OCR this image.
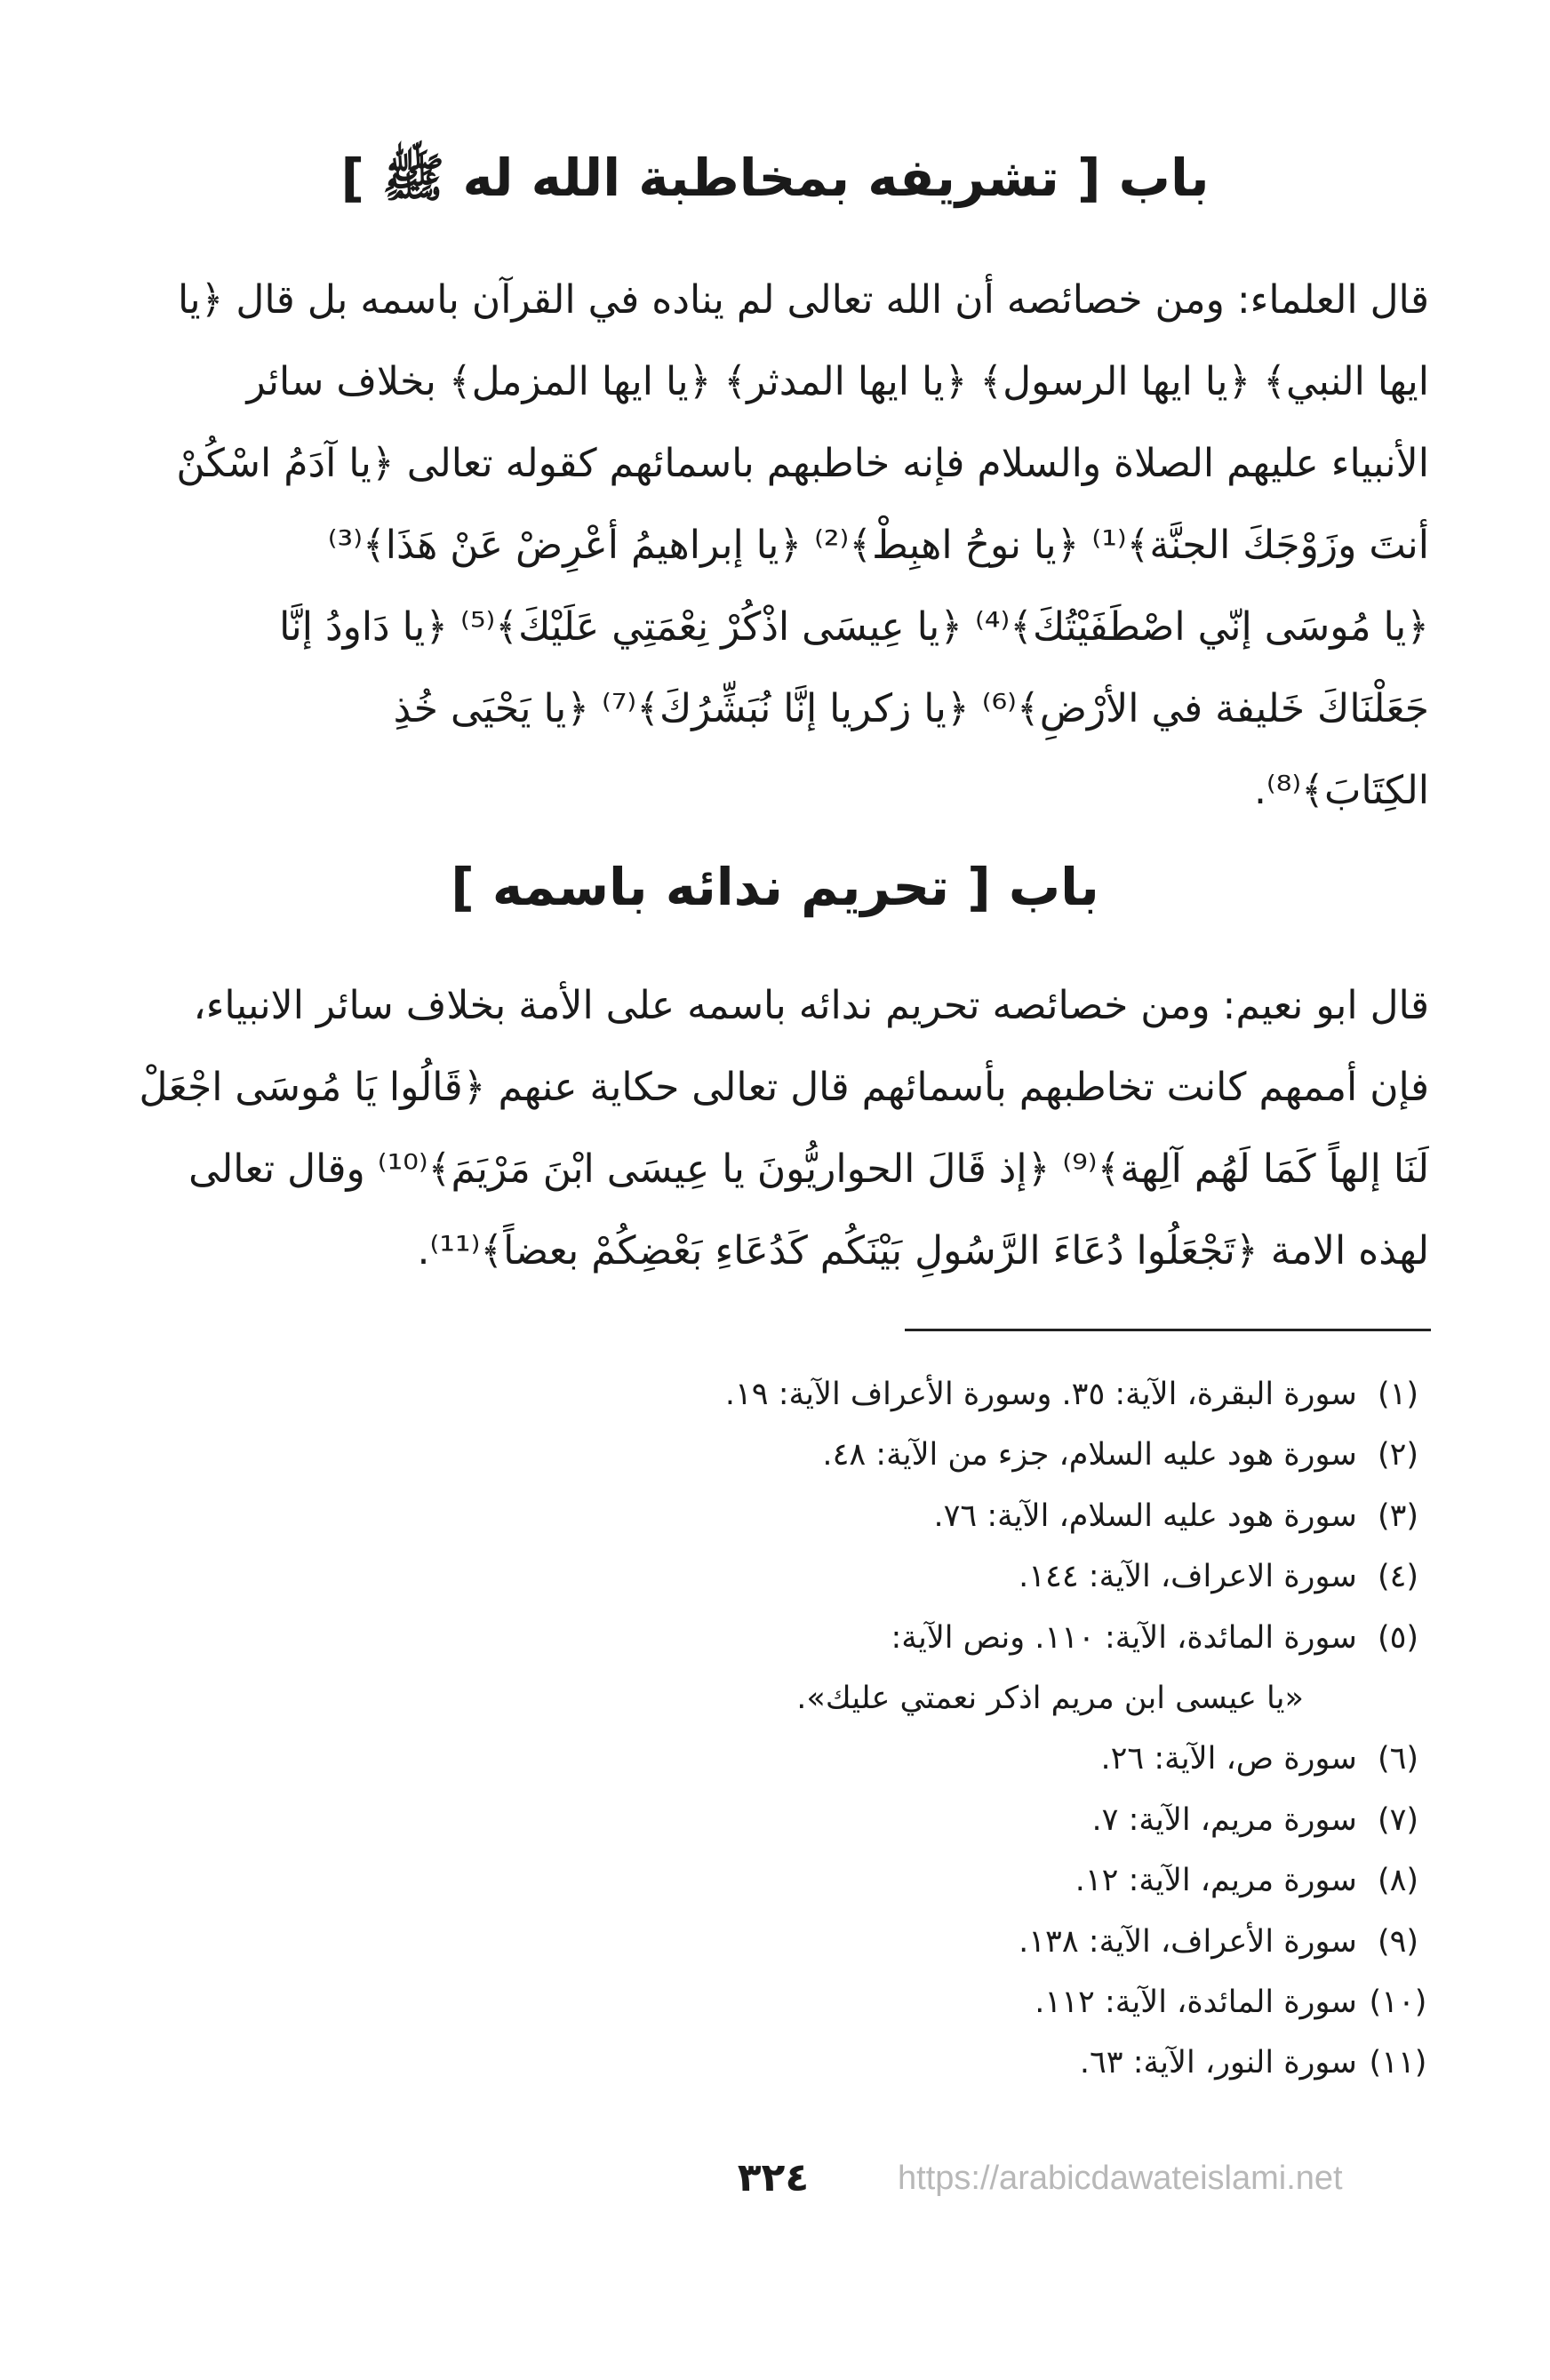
باب [ تشريفه بمخاطبة الله له ﷺ ]
قال العلماء: ومن خصائصه أن الله تعالى لم يناده في القرآن باسمه بل قال ﴿يا
ايها النبي﴾ ﴿يا ايها الرسول﴾ ﴿يا ايها المدثر﴾ ﴿يا ايها المزمل﴾ بخلاف سائر
الأنبياء عليهم الصلاة والسلام فإنه خاطبهم باسمائهم كقوله تعالى ﴿يا آدَمُ اسْكُنْ
أنتَ وزَوْجَكَ الجنَّة﴾⁽¹⁾ ﴿يا نوحُ اهبِطْ﴾⁽²⁾ ﴿يا إبراهيمُ أعْرِضْ عَنْ هَذَا﴾⁽³⁾
﴿يا مُوسَى إنّي اصْطَفَيْتُكَ﴾⁽⁴⁾ ﴿يا عِيسَى اذْكُرْ نِعْمَتِي عَلَيْكَ﴾⁽⁵⁾ ﴿يا دَاودُ إنَّا
جَعَلْنَاكَ خَليفة في الأرْضِ﴾⁽⁶⁾ ﴿يا زكريا إنَّا نُبَشِّرُكَ﴾⁽⁷⁾ ﴿يا يَحْيَى خُذِ
الكِتَابَ﴾⁽⁸⁾.
باب [ تحريم ندائه باسمه ]
قال ابو نعيم: ومن خصائصه تحريم ندائه باسمه على الأمة بخلاف سائر الانبياء،
فإن أممهم كانت تخاطبهم بأسمائهم قال تعالى حكاية عنهم ﴿قَالُوا يَا مُوسَى اجْعَلْ
لَنَا إلهاً كَمَا لَهُم آلِهة﴾⁽⁹⁾ ﴿إذ قَالَ الحواريُّونَ يا عِيسَى ابْنَ مَرْيَمَ﴾⁽¹⁰⁾ وقال تعالى
لهذه الامة ﴿تَجْعَلُوا دُعَاءَ الرَّسُولِ بَيْنَكُم كَدُعَاءِ بَعْضِكُمْ بعضاً﴾⁽¹¹⁾.
(١) سورة البقرة، الآية: ٣٥. وسورة الأعراف الآية: ١٩.
(٢) سورة هود عليه السلام، جزء من الآية: ٤٨.
(٣) سورة هود عليه السلام، الآية: ٧٦.
(٤) سورة الاعراف، الآية: ١٤٤.
(٥) سورة المائدة، الآية: ١١٠. ونص الآية:
«يا عيسى ابن مريم اذكر نعمتي عليك».
(٦) سورة ص، الآية: ٢٦.
(٧) سورة مريم، الآية: ٧.
(٨) سورة مريم، الآية: ١٢.
(٩) سورة الأعراف، الآية: ١٣٨.
(١٠) سورة المائدة، الآية: ١١٢.
(١١) سورة النور، الآية: ٦٣.
٣٢٤	https://arabicdawateislami.net
